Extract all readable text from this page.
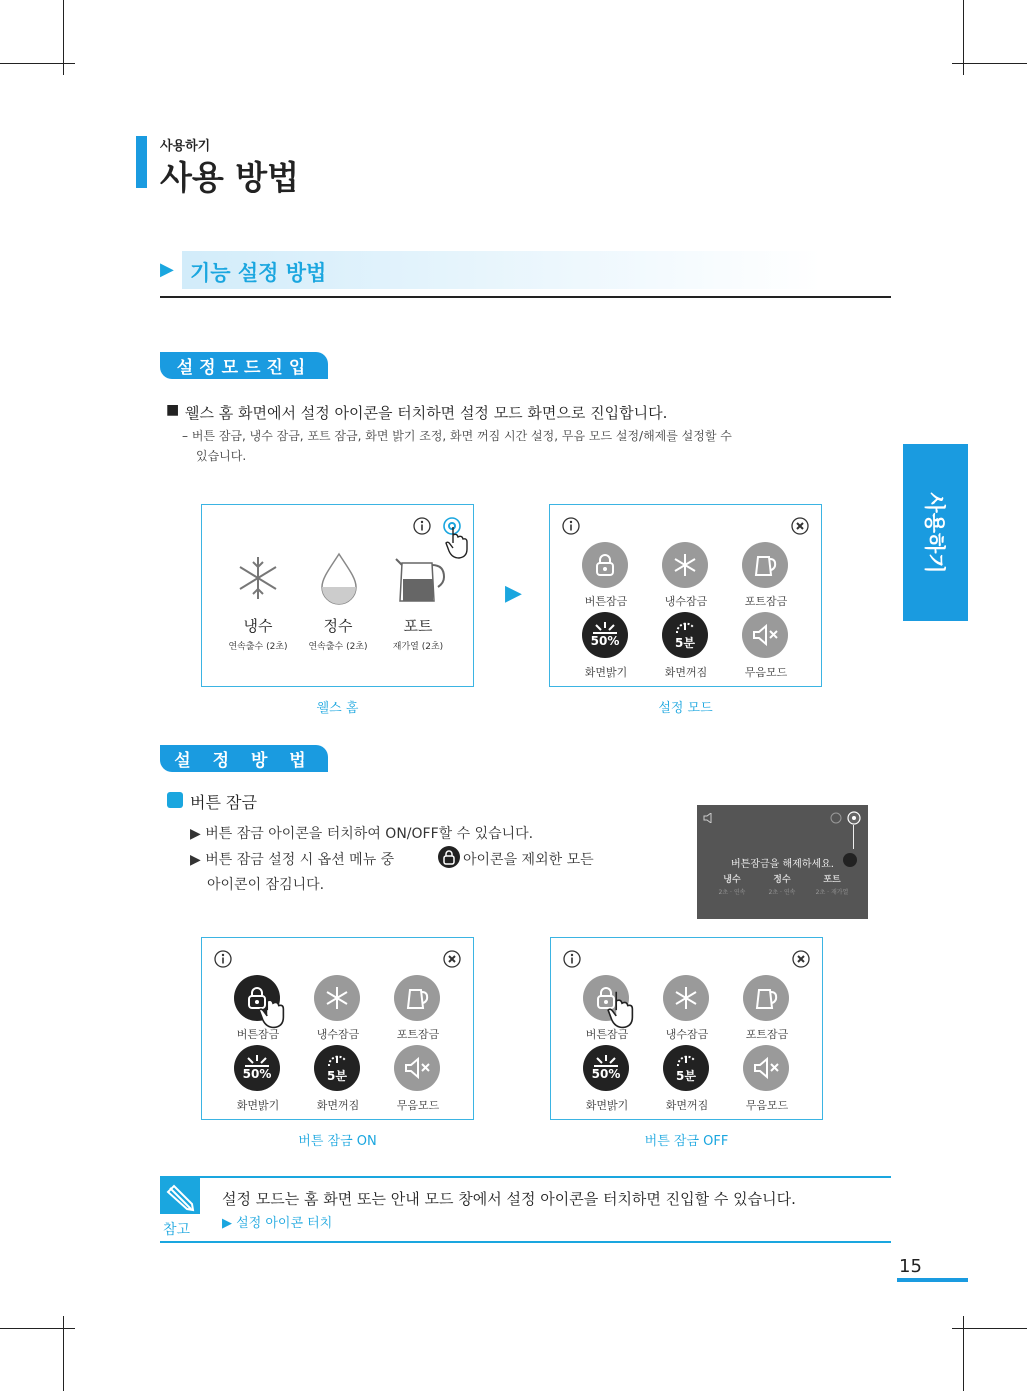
사용하기
사용 방법
사용하기
▶ 기능 설정 방법
설정모드진입
■ 웰스 홈 화면에서 설정 아이콘을 터치하면 설정 모드 화면으로 진입합니다.
– 버튼 잠금, 냉수 잠금, 포트 잠금, 화면 밝기 조정, 화면 꺼짐 시간 설정, 무음 모드 설정/해제를 설정할 수
있습니다.
냉수
연속출수 (2초)
정수
연속출수 (2초)
포트
재가열 (2초)
웰스 홈
▶	버튼잠금	냉수잠금	포트잠금
50%	5분
화면밝기	화면꺼짐	무음모드
설정 모드
설 정 방 법
버튼 잠금
▶ 버튼 잠금 아이콘을 터치하여 ON/OFF할 수 있습니다.
▶ 버튼 잠금 설정 시 옵션 메뉴 중	아이콘을 제외한 모든
아이콘이 잠김니다.
버튼잠금을 해제하세요.
냉수	정수	포트
2초 · 연속	2초 · 연속	2초 · 재가열
버튼잠금	냉수잠금	포트잠금
50%	5분
화면밝기	화면꺼짐	무음모드
버튼 잠금 ON
버튼잠금	냉수잠금	포트잠금
50%	5분
화면밝기	화면꺼짐	무음모드
버튼 잠금 OFF
참고
설정 모드는 홈 화면 또는 안내 모드 창에서 설정 아이콘을 터치하면 진입할 수 있습니다.
▶ 설정 아이콘 터치
15
